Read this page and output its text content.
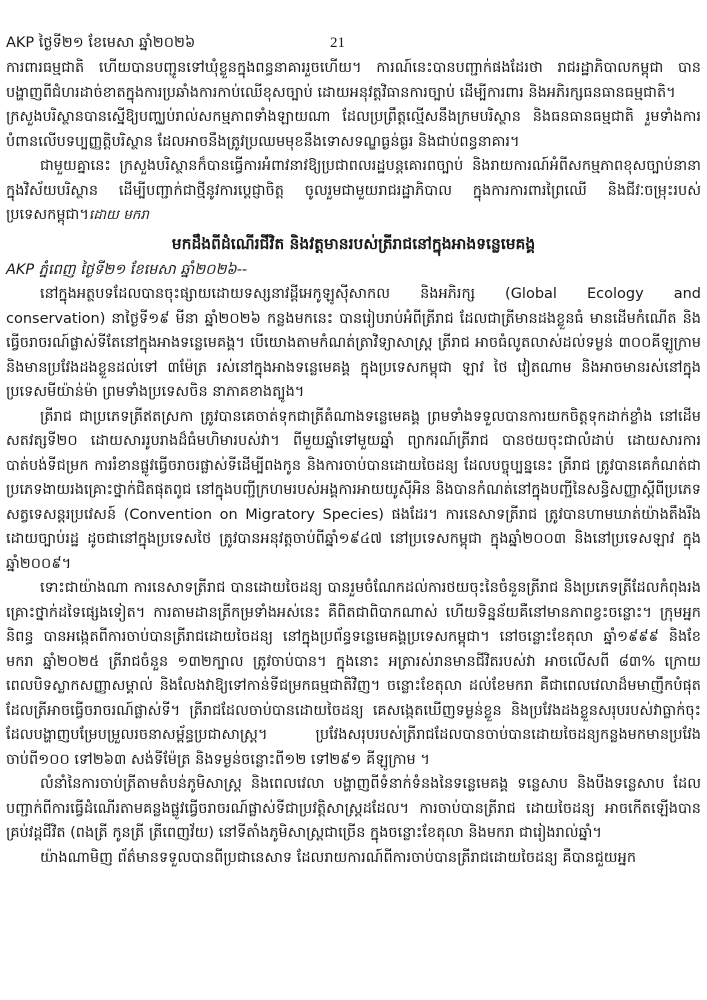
AKP ថ្ងៃទី២១ ខែមេសា ឆ្នាំ២០២៦	21

ការពារធម្មជាតិ ហើយបានបញ្ជូនទៅឃុំខ្លួនក្នុងពន្ធនាគាររួចហើយ។ ការណ៍នេះបានបញ្ជាក់ផងដែរថា រាជរដ្ឋាភិបាលកម្ពុជា បានបង្ហាញពីជំហរដាច់ខាតក្នុងការប្រឆាំងការកាប់ឈើខុសច្បាប់ ដោយអនុវត្តវិធានការច្បាប់ ដើម្បីការពារ និងអភិរក្សធនធានធម្មជាតិ។

ក្រសួងបរិស្ថានបានស្នើឱ្យបញ្ឈប់រាល់សកម្មភាពទាំងឡាយណា ដែលប្រព្រឹត្តល្មើសនឹងក្រមបរិស្ថាន និងធនធានធម្មជាតិ រួមទាំងការបំពានលើបទប្បញ្ញត្តិបរិស្ថាន ដែលអាចនឹងត្រូវប្រឈមមុខនឹងទោសទណ្ឌធ្ងន់ធ្ងរ និងជាប់ពន្ធនាគារ។

ជាមួយគ្នានេះ ក្រសួងបរិស្ថានក៏បានធ្វើការអំពាវនាវឱ្យប្រជាពលរដ្ឋបន្តគោរពច្បាប់ និងរាយការណ៍អំពីសកម្មភាពខុសច្បាប់នានា ក្នុងវិស័យបរិស្ថាន ដើម្បីបញ្ជាក់ជាថ្មីនូវការប្ដេជ្ញាចិត្ត ចូលរួមជាមួយរាជរដ្ឋាភិបាល ក្នុងការការពារព្រៃឈើ និងជីវៈចម្រុះរបស់ប្រទេសកម្ពុជា។ដោយ មករា

មកដឹងពីដំណើរជីវិត និងវត្តមានរបស់ត្រីរាជនៅក្នុងអាងទន្លេមេគង្គ

AKP ភ្នំពេញ ថ្ងៃទី២១ ខែមេសា ឆ្នាំ២០២៦--

នៅក្នុងអត្ថបទដែលបានចុះផ្សាយដោយទស្សនាវដ្ដីអេកូឡូស៊ីសាកល និងអភិរក្ស (Global Ecology and conservation) នាថ្ងៃទី១៩ មីនា ឆ្នាំ២០២៦ កន្លងមកនេះ បានរៀបរាប់អំពីត្រីរាជ ដែលជាត្រីមានដងខ្លួនធំ មានដើមកំណើត និងធ្វើចរាចរណ៍ផ្លាស់ទីតែនៅក្នុងអាងទន្លេមេគង្គ។ បើយោងតាមកំណត់ត្រាវិទ្យាសាស្ត្រ ត្រីរាជ អាចធំលូតលាស់ដល់ទម្ងន់ ៣០០គីឡូក្រាម និងមានប្រវែងដងខ្លួនដល់ទៅ ៣ម៉ែត្រ រស់នៅក្នុងអាងទន្លេមេគង្គ ក្នុងប្រទេសកម្ពុជា ឡាវ ថៃ វៀតណាម និងអាចមានរស់នៅក្នុងប្រទេសមីយ៉ាន់ម៉ា ព្រមទាំងប្រទេសចិន នាភាគខាងត្បូង។

ត្រីរាជ ជាប្រភេទត្រីឥតស្រកា ត្រូវបានគេចាត់ទុកជាត្រីតំណាងទន្លេមេគង្គ ព្រមទាំងទទួលបានការយកចិត្តទុកដាក់ខ្លាំង នៅដើមសតវត្សទី២០ ដោយសាររូបរាងដ៏ធំមហិមារបស់វា។ ពីមួយឆ្នាំទៅមួយឆ្នាំ ព្យាករណ៍ត្រីរាជ បានថយចុះជាលំដាប់ ដោយសារការបាត់បង់ទីជម្រក ការរំខានផ្លូវធ្វើចរាចរផ្លាស់ទីដើម្បីពងកូន និងការចាប់បានដោយចៃដន្យ ដែលបច្ចុប្បន្ននេះ ត្រីរាជ ត្រូវបានគេកំណត់ជាប្រភេទងាយរងគ្រោះថ្នាក់ជិតផុតពូជ នៅក្នុងបញ្ជីក្រហមរបស់អង្គការអាយយូស៊ីអិន និងបានកំណត់នៅក្នុងបញ្ជីនៃសន្ធិសញ្ញាស្ដីពីប្រភេទសត្វទេសន្ដរប្រវេសន៍ (Convention on Migratory Species) ផងដែរ។ ការនេសាទត្រីរាជ ត្រូវបានហាមឃាត់យ៉ាងតឹងរឹងដោយច្បាប់រដ្ឋ ដូចជានៅក្នុងប្រទេសថៃ ត្រូវបានអនុវត្តចាប់ពីឆ្នាំ១៩៤៧ នៅប្រទេសកម្ពុជា ក្នុងឆ្នាំ២០០៣ និងនៅប្រទេសឡាវ ក្នុងឆ្នាំ២០០៩។

ទោះជាយ៉ាងណា ការនេសាទត្រីរាជ បានដោយចៃដន្យ បានរួមចំណែកដល់ការថយចុះនៃចំនួនត្រីរាជ និងប្រភេទត្រីដែលកំពុងរងគ្រោះថ្នាក់ដទៃផ្សេងទៀត។ ការតាមដានត្រីកម្រទាំងអស់នេះ គឺពិតជាពិបាកណាស់ ហើយទិន្នន័យគឺនៅមានភាពខ្វះចន្លោះ។ ក្រុមអ្នកនិពន្ធ បានអង្កេតពីការចាប់បានត្រីរាជដោយចៃដន្យ នៅក្នុងប្រព័ន្ធទន្លេមេគង្គប្រទេសកម្ពុជា។ នៅចន្លោះខែតុលា ឆ្នាំ១៩៩៩ និងខែមករា ឆ្នាំ២០២៥ ត្រីរាជចំនួន ១៣២ក្បាល ត្រូវចាប់បាន។ ក្នុងនោះ អត្រារស់រានមានជីវិតរបស់វា អាចលើសពី ៨៣% ក្រោយពេលបិទស្លាកសញ្ញាសម្គាល់ និងលែងវាឱ្យទៅកាន់ទីជម្រកធម្មជាតិវិញ។ ចន្លោះខែតុលា ដល់ខែមករា គឺជាពេលវេលាដ៏មមាញឹកបំផុត ដែលត្រីអាចធ្វើចរាចរណ៍ផ្លាស់ទី។ ត្រីរាជដែលចាប់បានដោយចៃដន្យ គេសង្កេតឃើញទម្ងន់ខ្លួន និងប្រវែងដងខ្លួនសរុបរបស់វាធ្លាក់ចុះ ដែលបង្ហាញបម្រែបម្រួលរចនាសម្ព័ន្ធប្រជាសាស្ត្រ។ ប្រវែងសរុបរបស់ត្រីរាជដែលបានចាប់បានដោយចៃដន្យកន្លងមកមានប្រវែងចាប់ពី១០០ ទៅ២៦៣ សង់ទីម៉ែត្រ និងទម្ងន់ចន្លោះពី១២ ទៅ២៩១ គីឡូក្រាម ។

លំនាំនៃការចាប់ត្រីតាមតំបន់ភូមិសាស្ត្រ និងពេលវេលា បង្ហាញពីទំនាក់ទំនងនៃទន្លេមេគង្គ ទន្លេសាប និងបឹងទន្លេសាប ដែលបញ្ជាក់ពីការធ្វើដំណើរតាមគន្លងផ្លូវធ្វើចរាចរណ៍ផ្លាស់ទីជាប្រវត្តិសាស្ត្រដដែល។ ការចាប់បានត្រីរាជ ដោយចៃដន្យ អាចកើតឡើងបានគ្រប់វដ្ដជីវិត (ពងត្រី កូនត្រី ត្រីពេញវ័យ) នៅទីតាំងភូមិសាស្ត្រជាច្រើន ក្នុងចន្លោះខែតុលា និងមករា ជារៀងរាល់ឆ្នាំ។

យ៉ាងណាមិញ ព័ត៌មានទទួលបានពីប្រជានេសាទ ដែលរាយការណ៍ពីការចាប់បានត្រីរាជដោយចៃដន្យ គឺបានជួយអ្នក
